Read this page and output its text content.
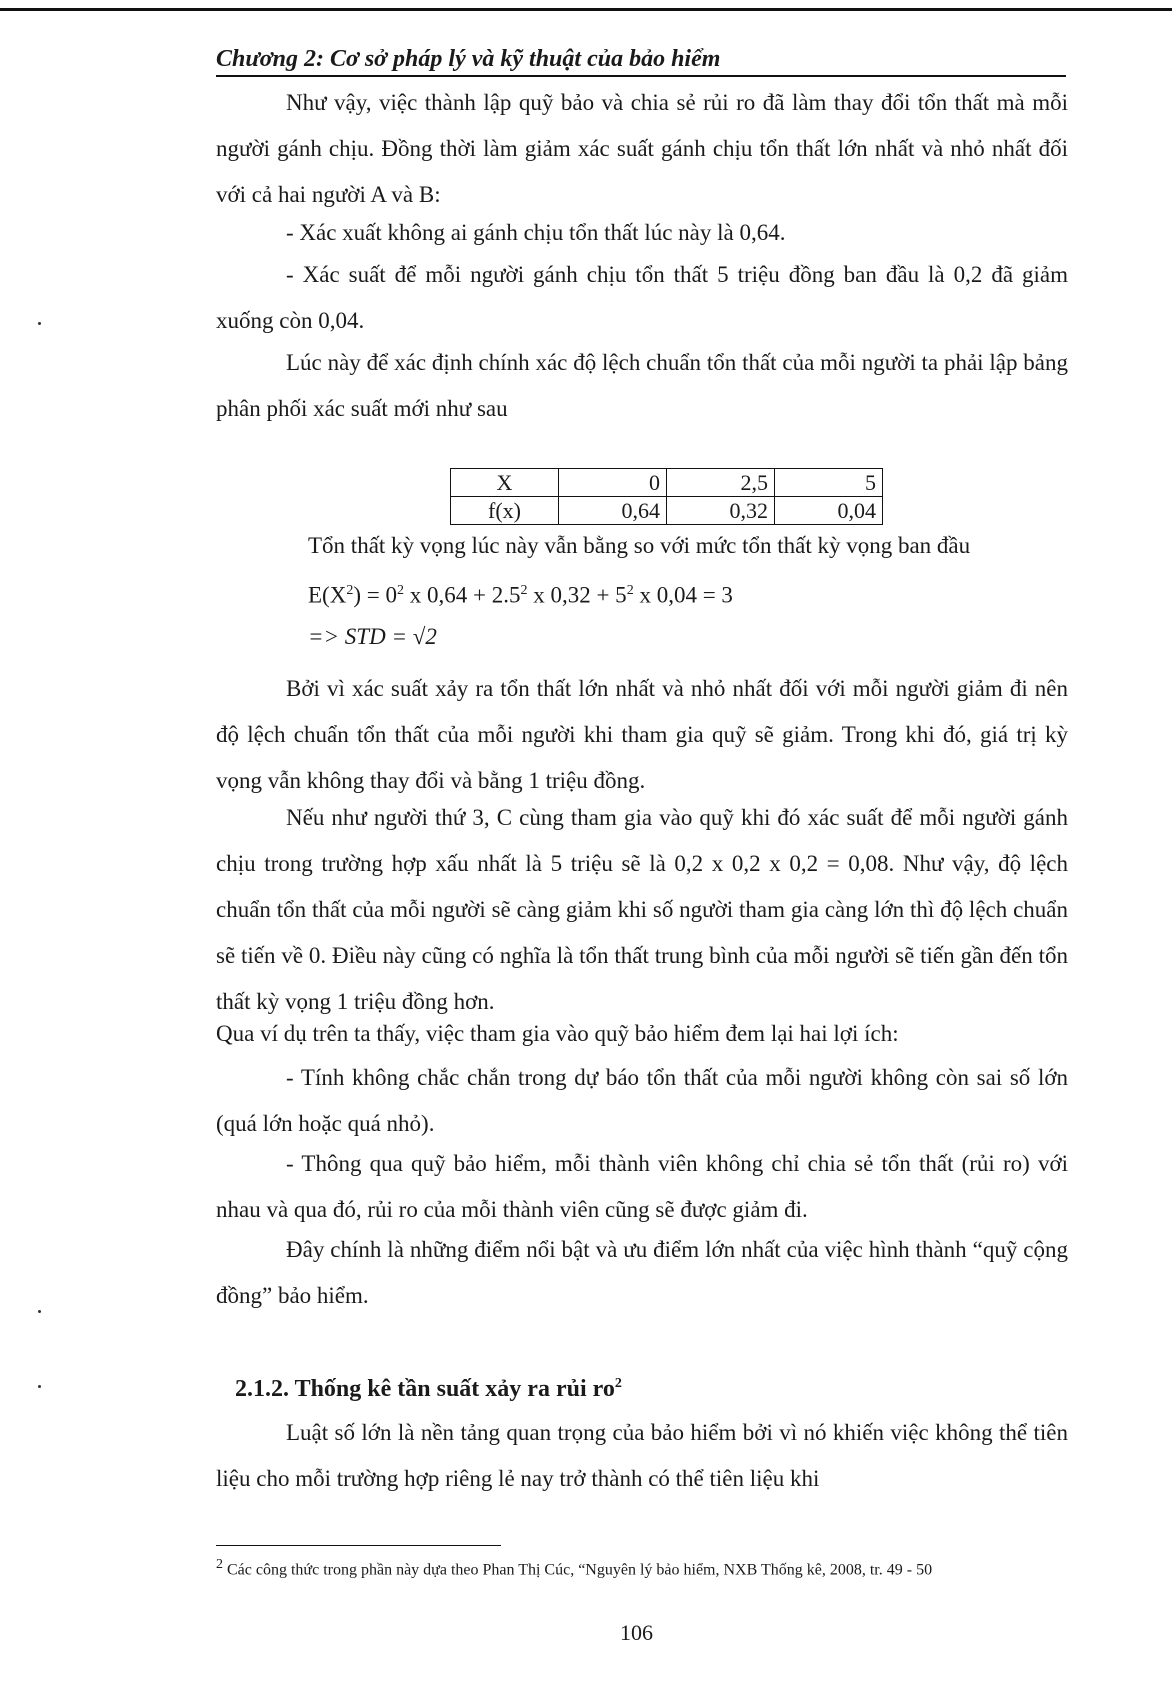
Chương 2: Cơ sở pháp lý và kỹ thuật của bảo hiểm

Như vậy, việc thành lập quỹ bảo và chia sẻ rủi ro đã làm thay đổi tổn thất mà mỗi người gánh chịu. Đồng thời làm giảm xác suất gánh chịu tổn thất lớn nhất và nhỏ nhất đối với cả hai người A và B:

- Xác xuất không ai gánh chịu tổn thất lúc này là 0,64.

- Xác suất để mỗi người gánh chịu tổn thất 5 triệu đồng ban đầu là 0,2 đã giảm xuống còn 0,04.

Lúc này để xác định chính xác độ lệch chuẩn tổn thất của mỗi người ta phải lập bảng phân phối xác suất mới như sau

X	0	2,5	5
f(x)	0,64	0,32	0,04
Tổn thất kỳ vọng lúc này vẫn bằng so với mức tổn thất kỳ vọng ban đầu
$E(X^2) = 0^2$ x $0,64 + 2.5^2$ x $0,32 + 5^2$ x 0,04 = 3
=> STD = √2

Bởi vì xác suất xảy ra tổn thất lớn nhất và nhỏ nhất đối với mỗi người giảm đi nên độ lệch chuẩn tổn thất của mỗi người khi tham gia quỹ sẽ giảm. Trong khi đó, giá trị kỳ vọng vẫn không thay đổi và bằng 1 triệu đồng.

Nếu như người thứ 3, C cùng tham gia vào quỹ khi đó xác suất để mỗi người gánh chịu trong trường hợp xấu nhất là 5 triệu sẽ là 0,2 x 0,2 x 0,2 = 0,08. Như vậy, độ lệch chuẩn tổn thất của mỗi người sẽ càng giảm khi số người tham gia càng lớn thì độ lệch chuẩn sẽ tiến về 0. Điều này cũng có nghĩa là tổn thất trung bình của mỗi người sẽ tiến gần đến tổn thất kỳ vọng 1 triệu đồng hơn.

Qua ví dụ trên ta thấy, việc tham gia vào quỹ bảo hiểm đem lại hai lợi ích:

- Tính không chắc chắn trong dự báo tổn thất của mỗi người không còn sai số lớn (quá lớn hoặc quá nhỏ).

- Thông qua quỹ bảo hiểm, mỗi thành viên không chỉ chia sẻ tổn thất (rủi ro) với nhau và qua đó, rủi ro của mỗi thành viên cũng sẽ được giảm đi.

Đây chính là những điểm nổi bật và ưu điểm lớn nhất của việc hình thành “quỹ cộng đồng” bảo hiểm.

2.1.2. Thống kê tần suất xảy ra rủi $ro^2$

Luật số lớn là nền tảng quan trọng của bảo hiểm bởi vì nó khiến việc không thể tiên liệu cho mỗi trường hợp riêng lẻ nay trở thành có thể tiên liệu khi

$^2$ Các công thức trong phần này dựa theo Phan Thị Cúc, “Nguyên lý bảo hiểm, NXB Thống kê, 2008, tr. 49 - 50
106
